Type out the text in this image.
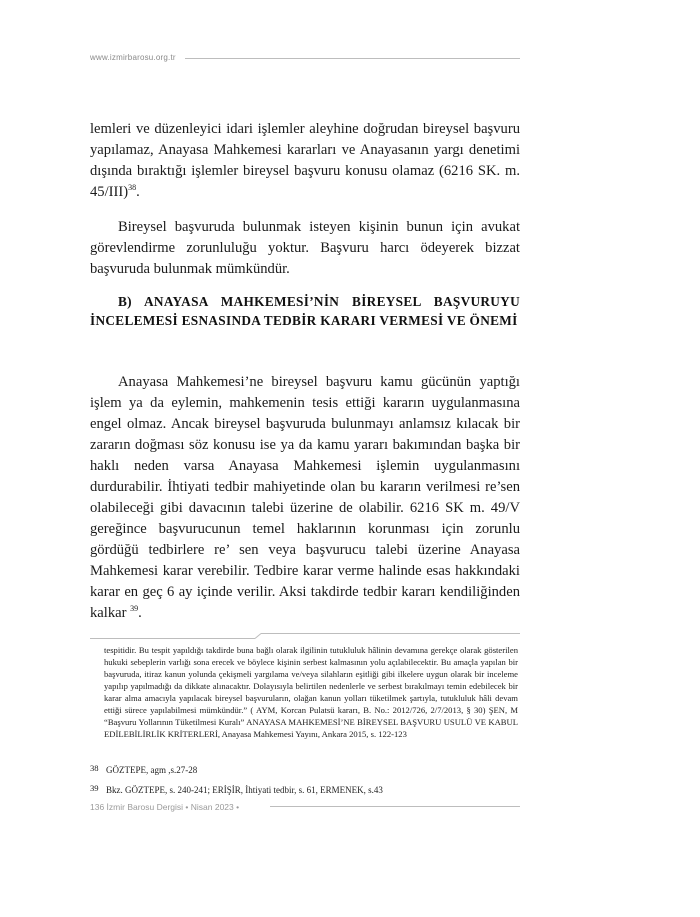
www.izmirbarosu.org.tr

lemleri ve düzenleyici idari işlemler aleyhine doğrudan bireysel başvuru yapılamaz, Anayasa Mahkemesi kararları ve Anayasanın yargı denetimi dışında bıraktığı işlemler bireysel başvuru konusu olamaz (6216 SK. m. 45/III)$^{38}$.

Bireysel başvuruda bulunmak isteyen kişinin bunun için avukat görevlendirme zorunluluğu yoktur. Başvuru harcı ödeyerek bizzat başvuruda bulunmak mümkündür.

B) ANAYASA MAHKEMESİ’NİN BİREYSEL BAŞVURUYU İNCELEMESİ ESNASINDA TEDBİR KARARI VERMESİ VE ÖNEMİ

Anayasa Mahkemesi’ne bireysel başvuru kamu gücünün yaptığı işlem ya da eylemin, mahkemenin tesis ettiği kararın uygulanmasına engel olmaz. Ancak bireysel başvuruda bulunmayı anlamsız kılacak bir zararın doğması söz konusu ise ya da kamu yararı bakımından başka bir haklı neden varsa Anayasa Mahkemesi işlemin uygulanmasını durdurabilir. İhtiyati tedbir mahiyetinde olan bu kararın verilmesi re’sen olabileceği gibi davacının talebi üzerine de olabilir. 6216 SK m. 49/V gereğince başvurucunun temel haklarının korunması için zorunlu gördüğü tedbirlere re’ sen veya başvurucu talebi üzerine Anayasa Mahkemesi karar verebilir. Tedbire karar verme halinde esas hakkındaki karar en geç 6 ay içinde verilir. Aksi takdirde tedbir kararı kendiliğinden kalkar $^{39}$.

tespitidir. Bu tespit yapıldığı takdirde buna bağlı olarak ilgilinin tutukluluk hâlinin devamına gerekçe olarak gösterilen hukuki sebeplerin varlığı sona erecek ve böylece kişinin serbest kalmasının yolu açılabilecektir. Bu amaçla yapılan bir başvuruda, itiraz kanun yolunda çekişmeli yargılama ve/veya silahların eşitliği gibi ilkelere uygun olarak bir inceleme yapılıp yapılmadığı da dikkate alınacaktır. Dolayısıyla belirtilen nedenlerle ve serbest bırakılmayı temin edebilecek bir karar alma amacıyla yapılacak bireysel başvuruların, olağan kanun yolları tüketilmek şartıyla, tutukluluk hâli devam ettiği sürece yapılabilmesi mümkündür.” ( AYM, Korcan Pulatsü kararı, B. No.: 2012/726, 2/7/2013, § 30) ŞEN, M “Başvuru Yollarının Tüketilmesi Kuralı” ANAYASA MAHKEMESİ’NE BİREYSEL BAŞVURU USULÜ VE KABUL EDİLEBİLİRLİK KRİTERLERİ, Anayasa Mahkemesi Yayını, Ankara 2015, s. 122-123

38 GÖZTEPE, agm ,s.27-28
39 Bkz. GÖZTEPE, s. 240-241; ERİŞİR, İhtiyati tedbir, s. 61, ERMENEK, s.43
136 İzmir Barosu Dergisi • Nisan 2023 •
